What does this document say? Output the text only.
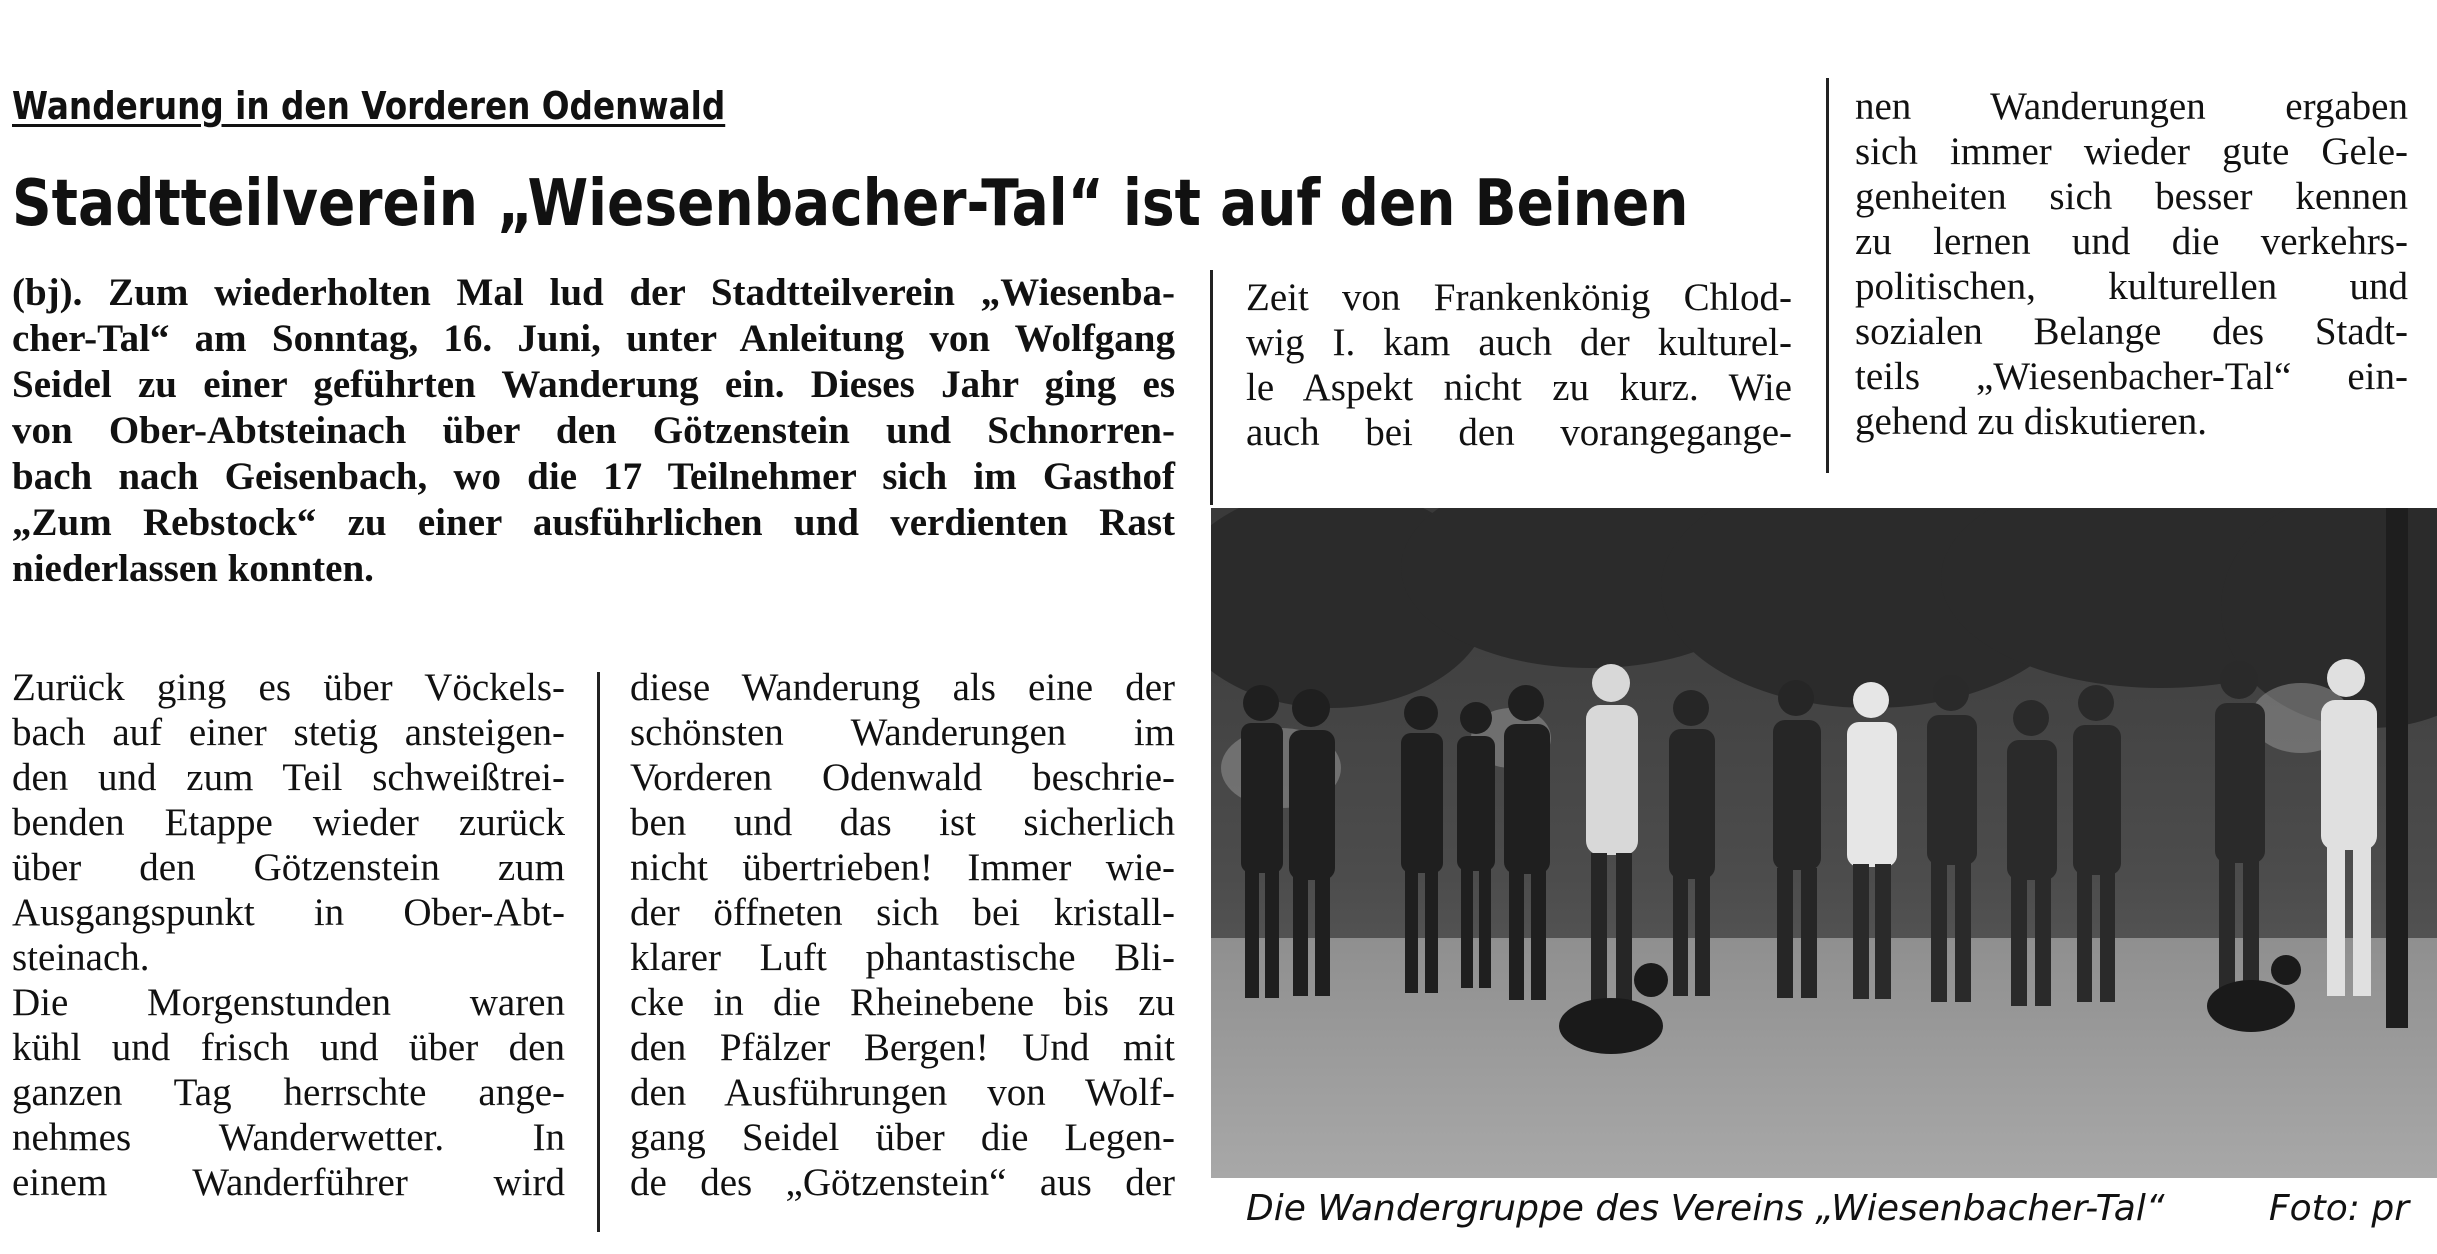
Wanderung in den Vorderen Odenwald
Stadtteilverein „Wiesenbacher-Tal“ ist auf den Beinen
(bj). Zum wiederholten Mal lud der Stadtteilverein „Wiesenba-
cher-Tal“ am Sonntag, 16. Juni, unter Anleitung von Wolfgang
Seidel zu einer geführten Wanderung ein. Dieses Jahr ging es
von Ober-Abtsteinach über den Götzenstein und Schnorren-
bach nach Geisenbach, wo die 17 Teilnehmer sich im Gasthof
„Zum Rebstock“ zu einer ausführlichen und verdienten Rast
niederlassen konnten.
Zurück ging es über Vöckels-
bach auf einer stetig ansteigen-
den und zum Teil schweißtrei-
benden Etappe wieder zurück
über den Götzenstein zum
Ausgangspunkt in Ober-Abt-
steinach.
Die Morgenstunden waren
kühl und frisch und über den
ganzen Tag herrschte ange-
nehmes Wanderwetter. In
einem Wanderführer wird
diese Wanderung als eine der
schönsten Wanderungen im
Vorderen Odenwald beschrie-
ben und das ist sicherlich
nicht übertrieben! Immer wie-
der öffneten sich bei kristall-
klarer Luft phantastische Bli-
cke in die Rheinebene bis zu
den Pfälzer Bergen! Und mit
den Ausführungen von Wolf-
gang Seidel über die Legen-
de des „Götzenstein“ aus der
Zeit von Frankenkönig Chlod-
wig I. kam auch der kulturel-
le Aspekt nicht zu kurz. Wie
auch bei den vorangegange-
nen Wanderungen ergaben
sich immer wieder gute Gele-
genheiten sich besser kennen
zu lernen und die verkehrs-
politischen, kulturellen und
sozialen Belange des Stadt-
teils „Wiesenbacher-Tal“ ein-
gehend zu diskutieren.
Die Wandergruppe des Vereins „Wiesenbacher-Tal“	Foto: pr
